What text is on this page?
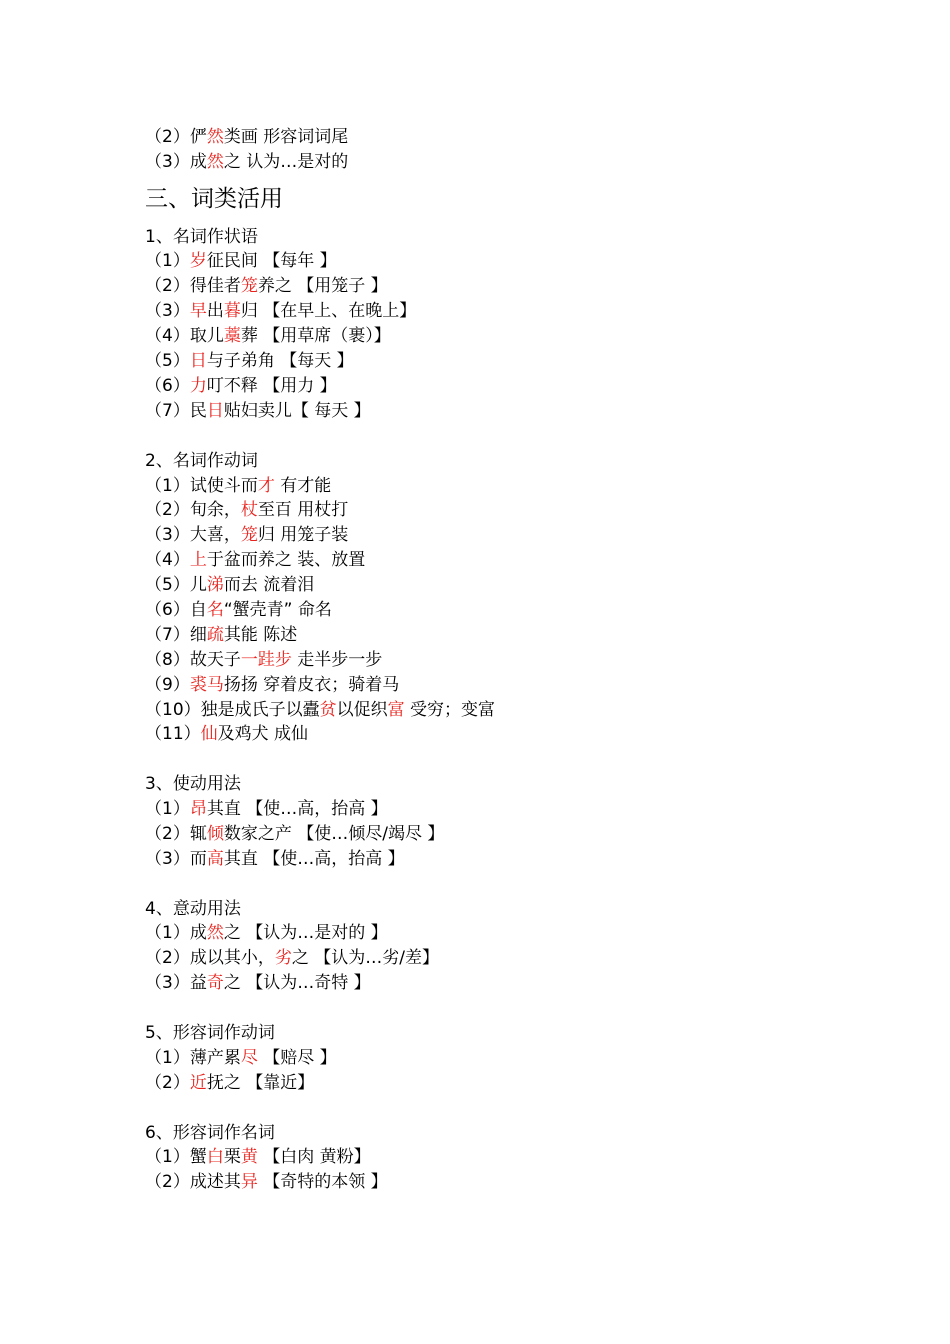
（2）俨然类画 形容词词尾
（3）成然之 认为…是对的
三、词类活用
1、名词作状语
（1）岁征民间 【每年 】
（2）得佳者笼养之 【用笼子 】
（3）早出暮归 【在早上、在晚上】
（4）取儿藁葬 【用草席（裹）】
（5）日与子弟角 【每天 】
（6）力叮不释 【用力 】
（7）民日贴妇卖儿【 每天 】
2、名词作动词
（1）试使斗而才 有才能
（2）旬余，杖至百 用杖打
（3）大喜，笼归 用笼子装
（4）上于盆而养之 装、放置
（5）儿涕而去 流着泪
（6）自名“蟹壳青” 命名
（7）细疏其能 陈述
（8）故天子一跬步 走半步一步
（9）裘马扬扬 穿着皮衣；骑着马
（10）独是成氏子以蠹贫以促织富 受穷；变富
（11）仙及鸡犬 成仙
3、使动用法
（1）昂其直 【使…高，抬高 】
（2）辄倾数家之产 【使…倾尽/竭尽 】
（3）而高其直 【使…高，抬高 】
4、意动用法
（1）成然之 【认为…是对的 】
（2）成以其小，劣之 【认为…劣/差】
（3）益奇之 【认为…奇特 】
5、形容词作动词
（1）薄产累尽 【赔尽 】
（2）近抚之 【靠近】
6、形容词作名词
（1）蟹白栗黄 【白肉 黄粉】
（2）成述其异 【奇特的本领 】
